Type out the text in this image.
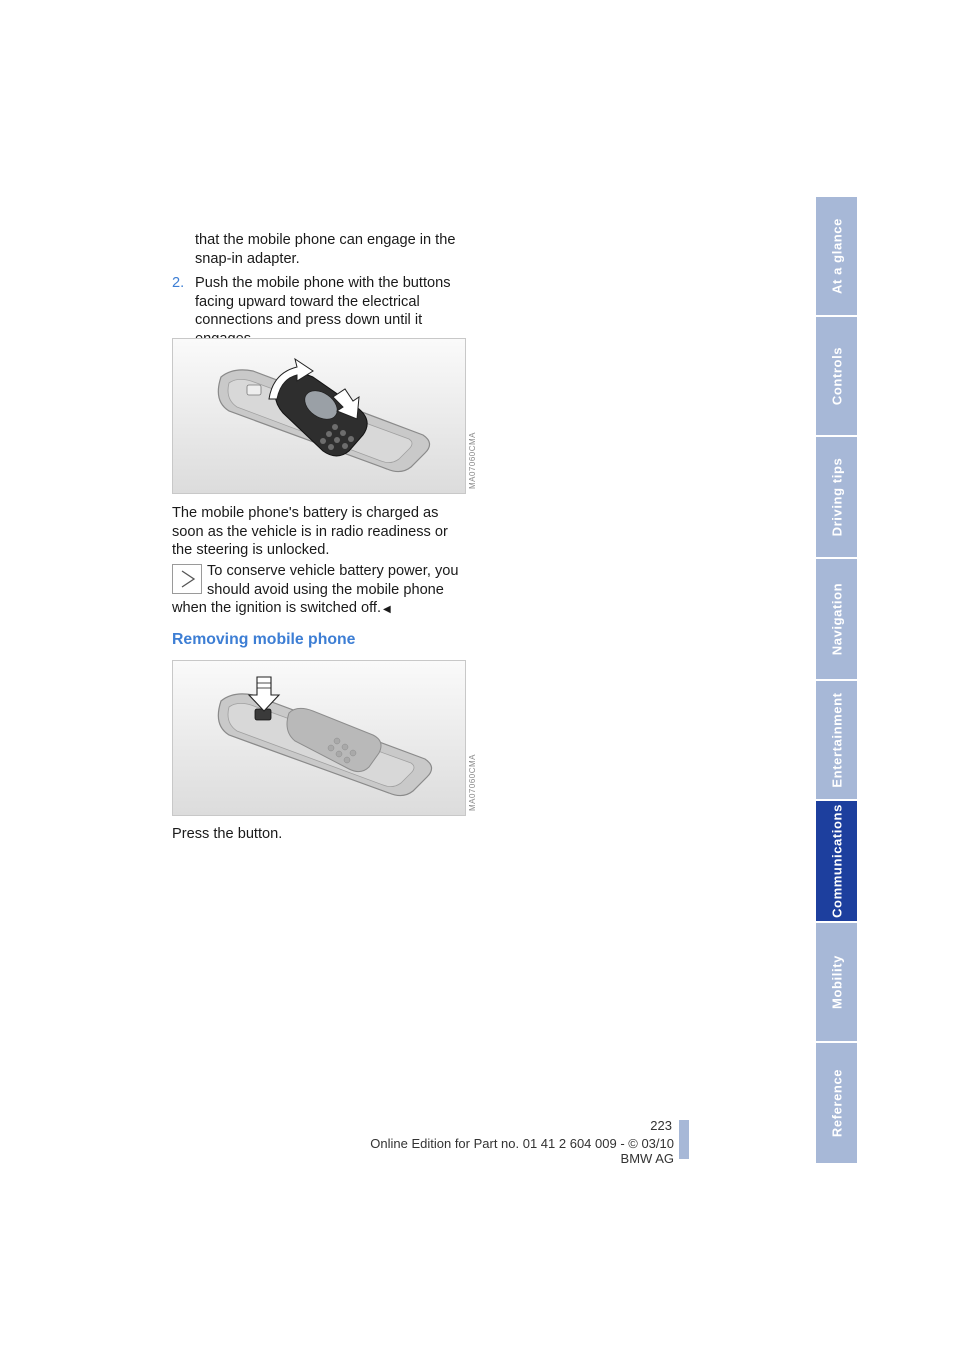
that the mobile phone can engage in the snap-in adapter.

2. Push the mobile phone with the buttons facing upward toward the electrical connections and press down until it
MA07060CMA

The mobile phone's battery is charged as soon as the vehicle is in radio readiness or the steering is unlocked.

To conserve vehicle battery power, you

should avoid using the mobile phone

when the ignition is switched off. ◀

Removing mobile phone
MA07060CMA

Press the button.

At a glance
Controls
Driving tips
Navigation
Entertainment
Communications
Mobility
Reference
223
Online Edition for Part no. 01 41 2 604 009 - © 03/10 BMW AG
